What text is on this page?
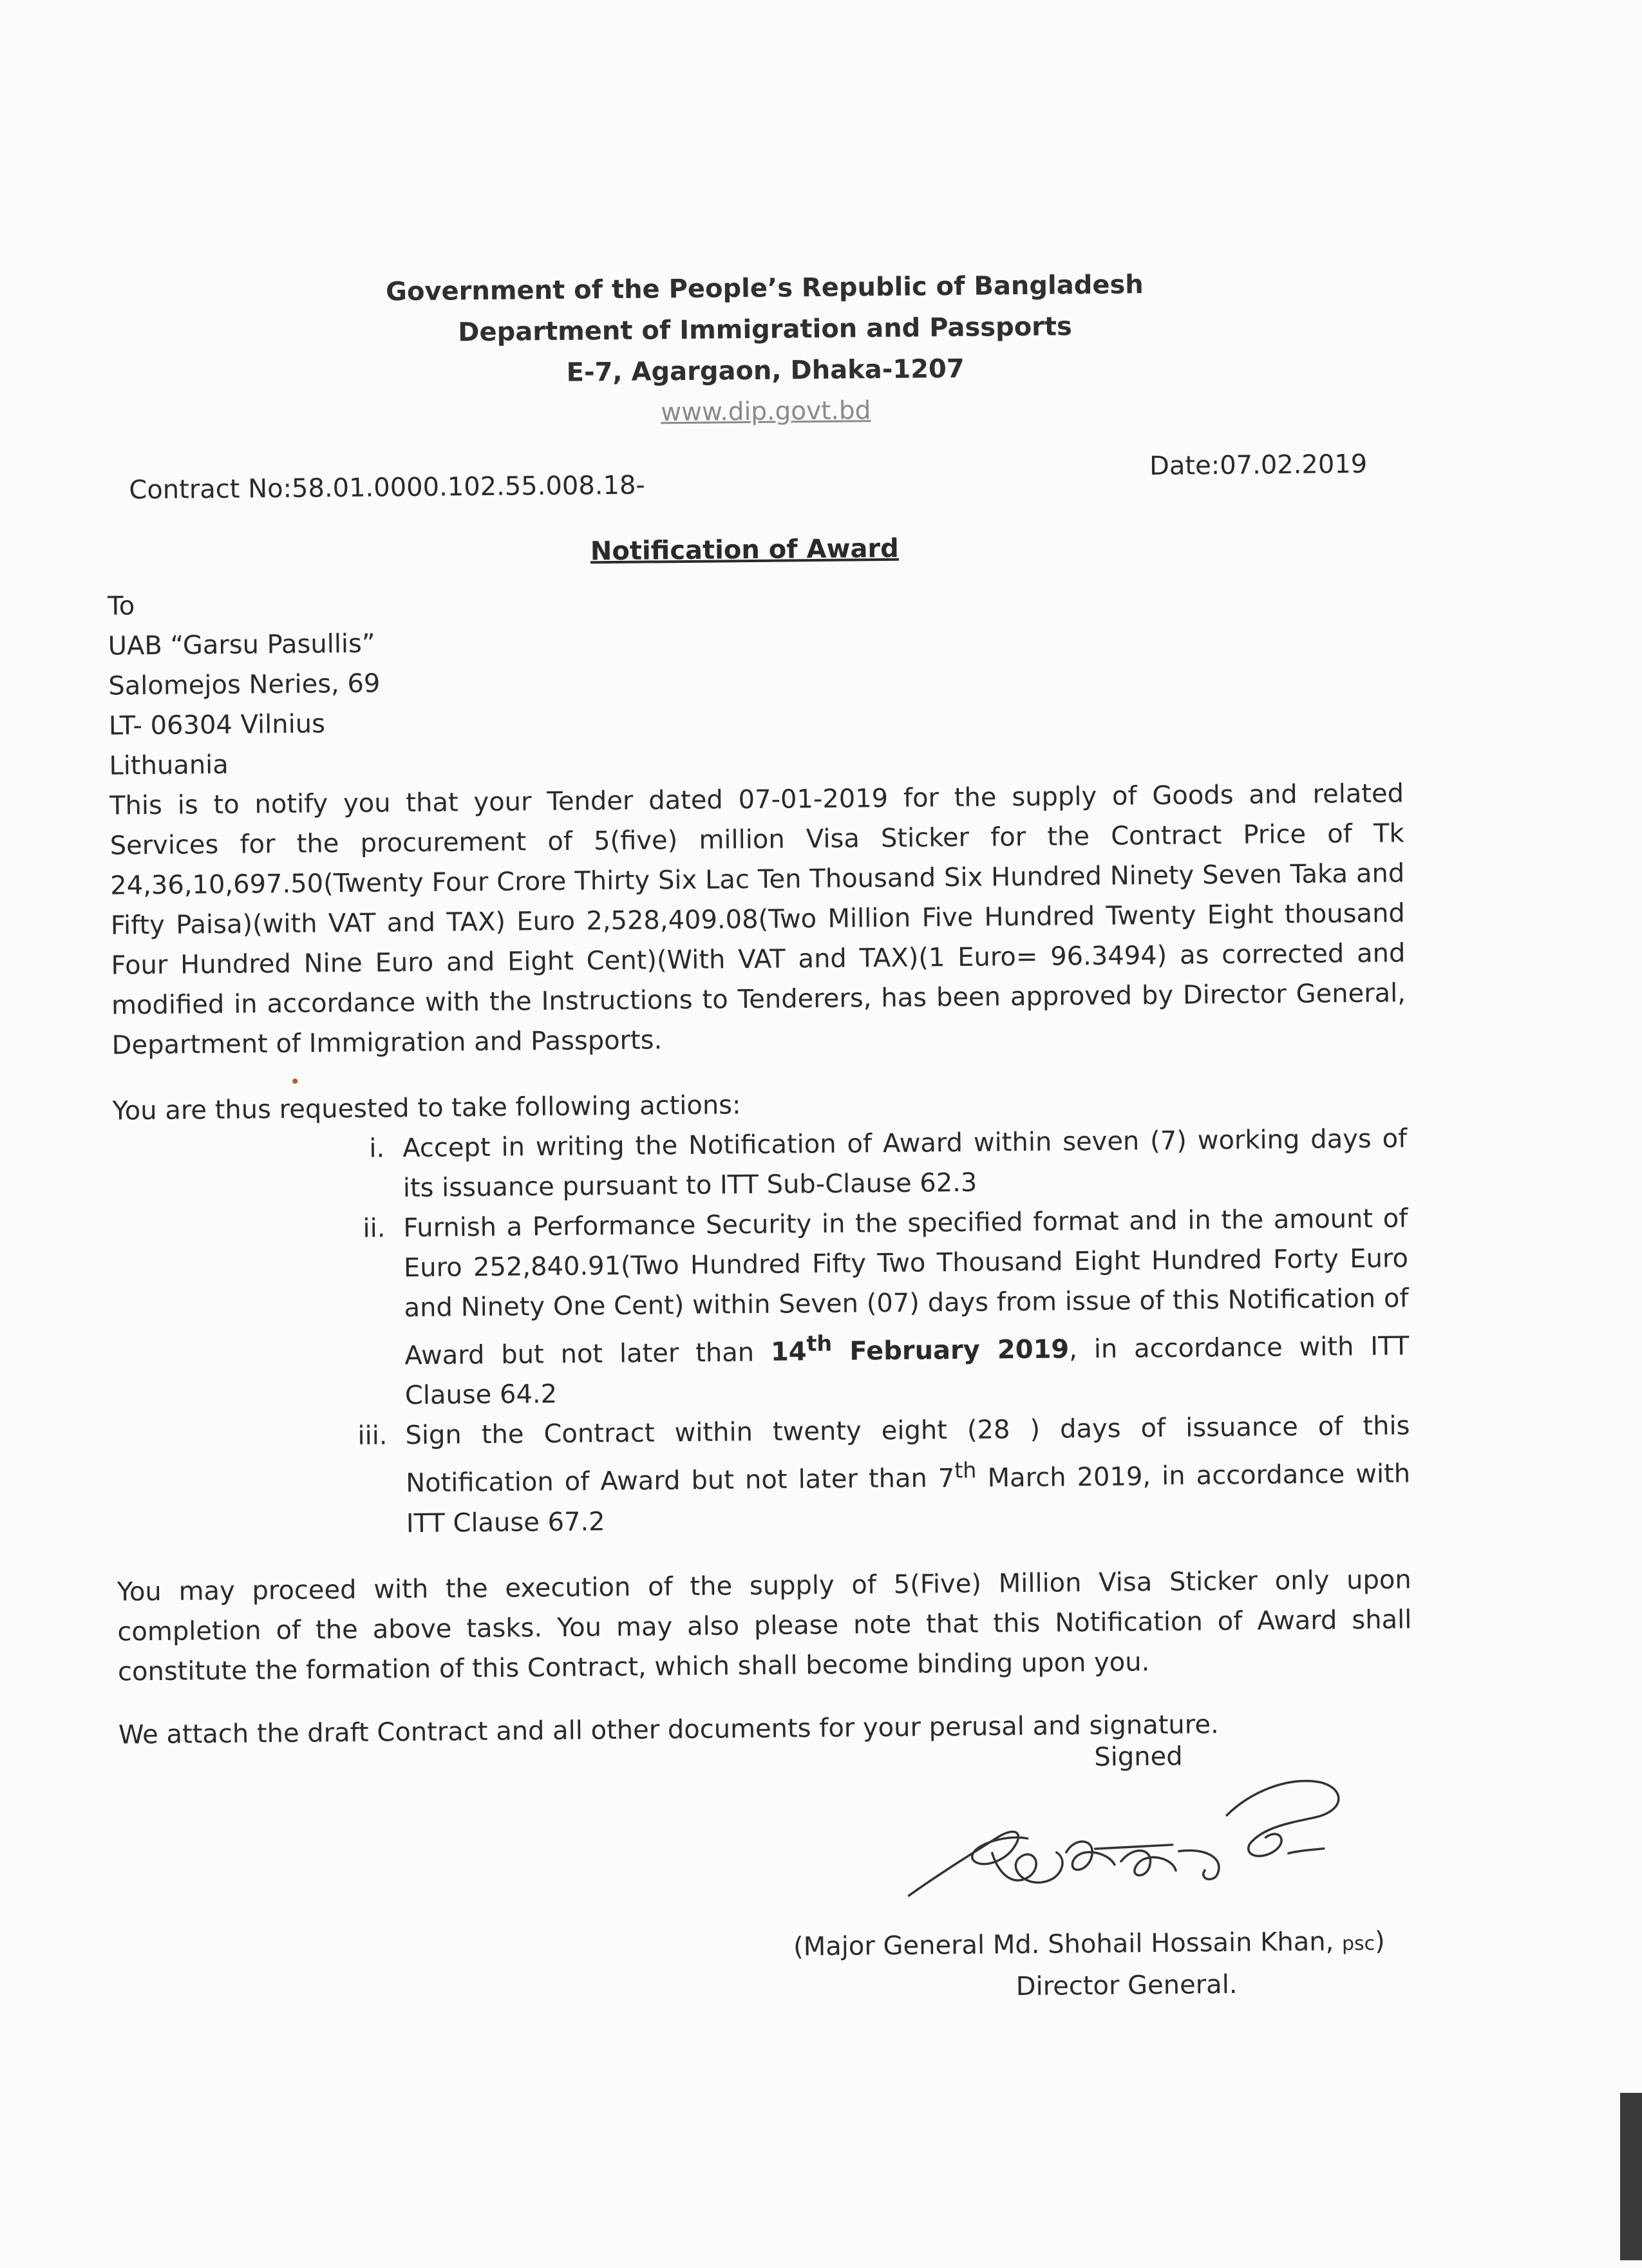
Government of the People’s Republic of Bangladesh
Department of Immigration and Passports
E-7, Agargaon, Dhaka-1207
www.dip.govt.bd
Contract No:58.01.0000.102.55.008.18-
Date:07.02.2019
Notification of Award
To
UAB “Garsu Pasullis”
Salomejos Neries, 69
LT- 06304 Vilnius
Lithuania
This is to notify you that your Tender dated 07-01-2019 for the supply of Goods and related Services for the procurement of 5(five) million Visa Sticker for the Contract Price of Tk 24,36,10,697.50(Twenty Four Crore Thirty Six Lac Ten Thousand Six Hundred Ninety Seven Taka and Fifty Paisa)(with VAT and TAX) Euro 2,528,409.08(Two Million Five Hundred Twenty Eight thousand Four Hundred Nine Euro and Eight Cent)(With VAT and TAX)(1 Euro= 96.3494) as corrected and modified in accordance with the Instructions to Tenderers, has been approved by Director General, Department of Immigration and Passports.
You are thus requested to take following actions:
i. Accept in writing the Notification of Award within seven (7) working days of its issuance pursuant to ITT Sub-Clause 62.3
ii. Furnish a Performance Security in the specified format and in the amount of Euro 252,840.91(Two Hundred Fifty Two Thousand Eight Hundred Forty Euro and Ninety One Cent) within Seven (07) days from issue of this Notification of Award but not later than 14th February 2019, in accordance with ITT Clause 64.2
iii. Sign the Contract within twenty eight (28 ) days of issuance of this Notification of Award but not later than 7th March 2019, in accordance with ITT Clause 67.2
You may proceed with the execution of the supply of 5(Five) Million Visa Sticker only upon completion of the above tasks. You may also please note that this Notification of Award shall constitute the formation of this Contract, which shall become binding upon you.
We attach the draft Contract and all other documents for your perusal and signature.
Signed
(Major General Md. Shohail Hossain Khan, psc)
Director General.
